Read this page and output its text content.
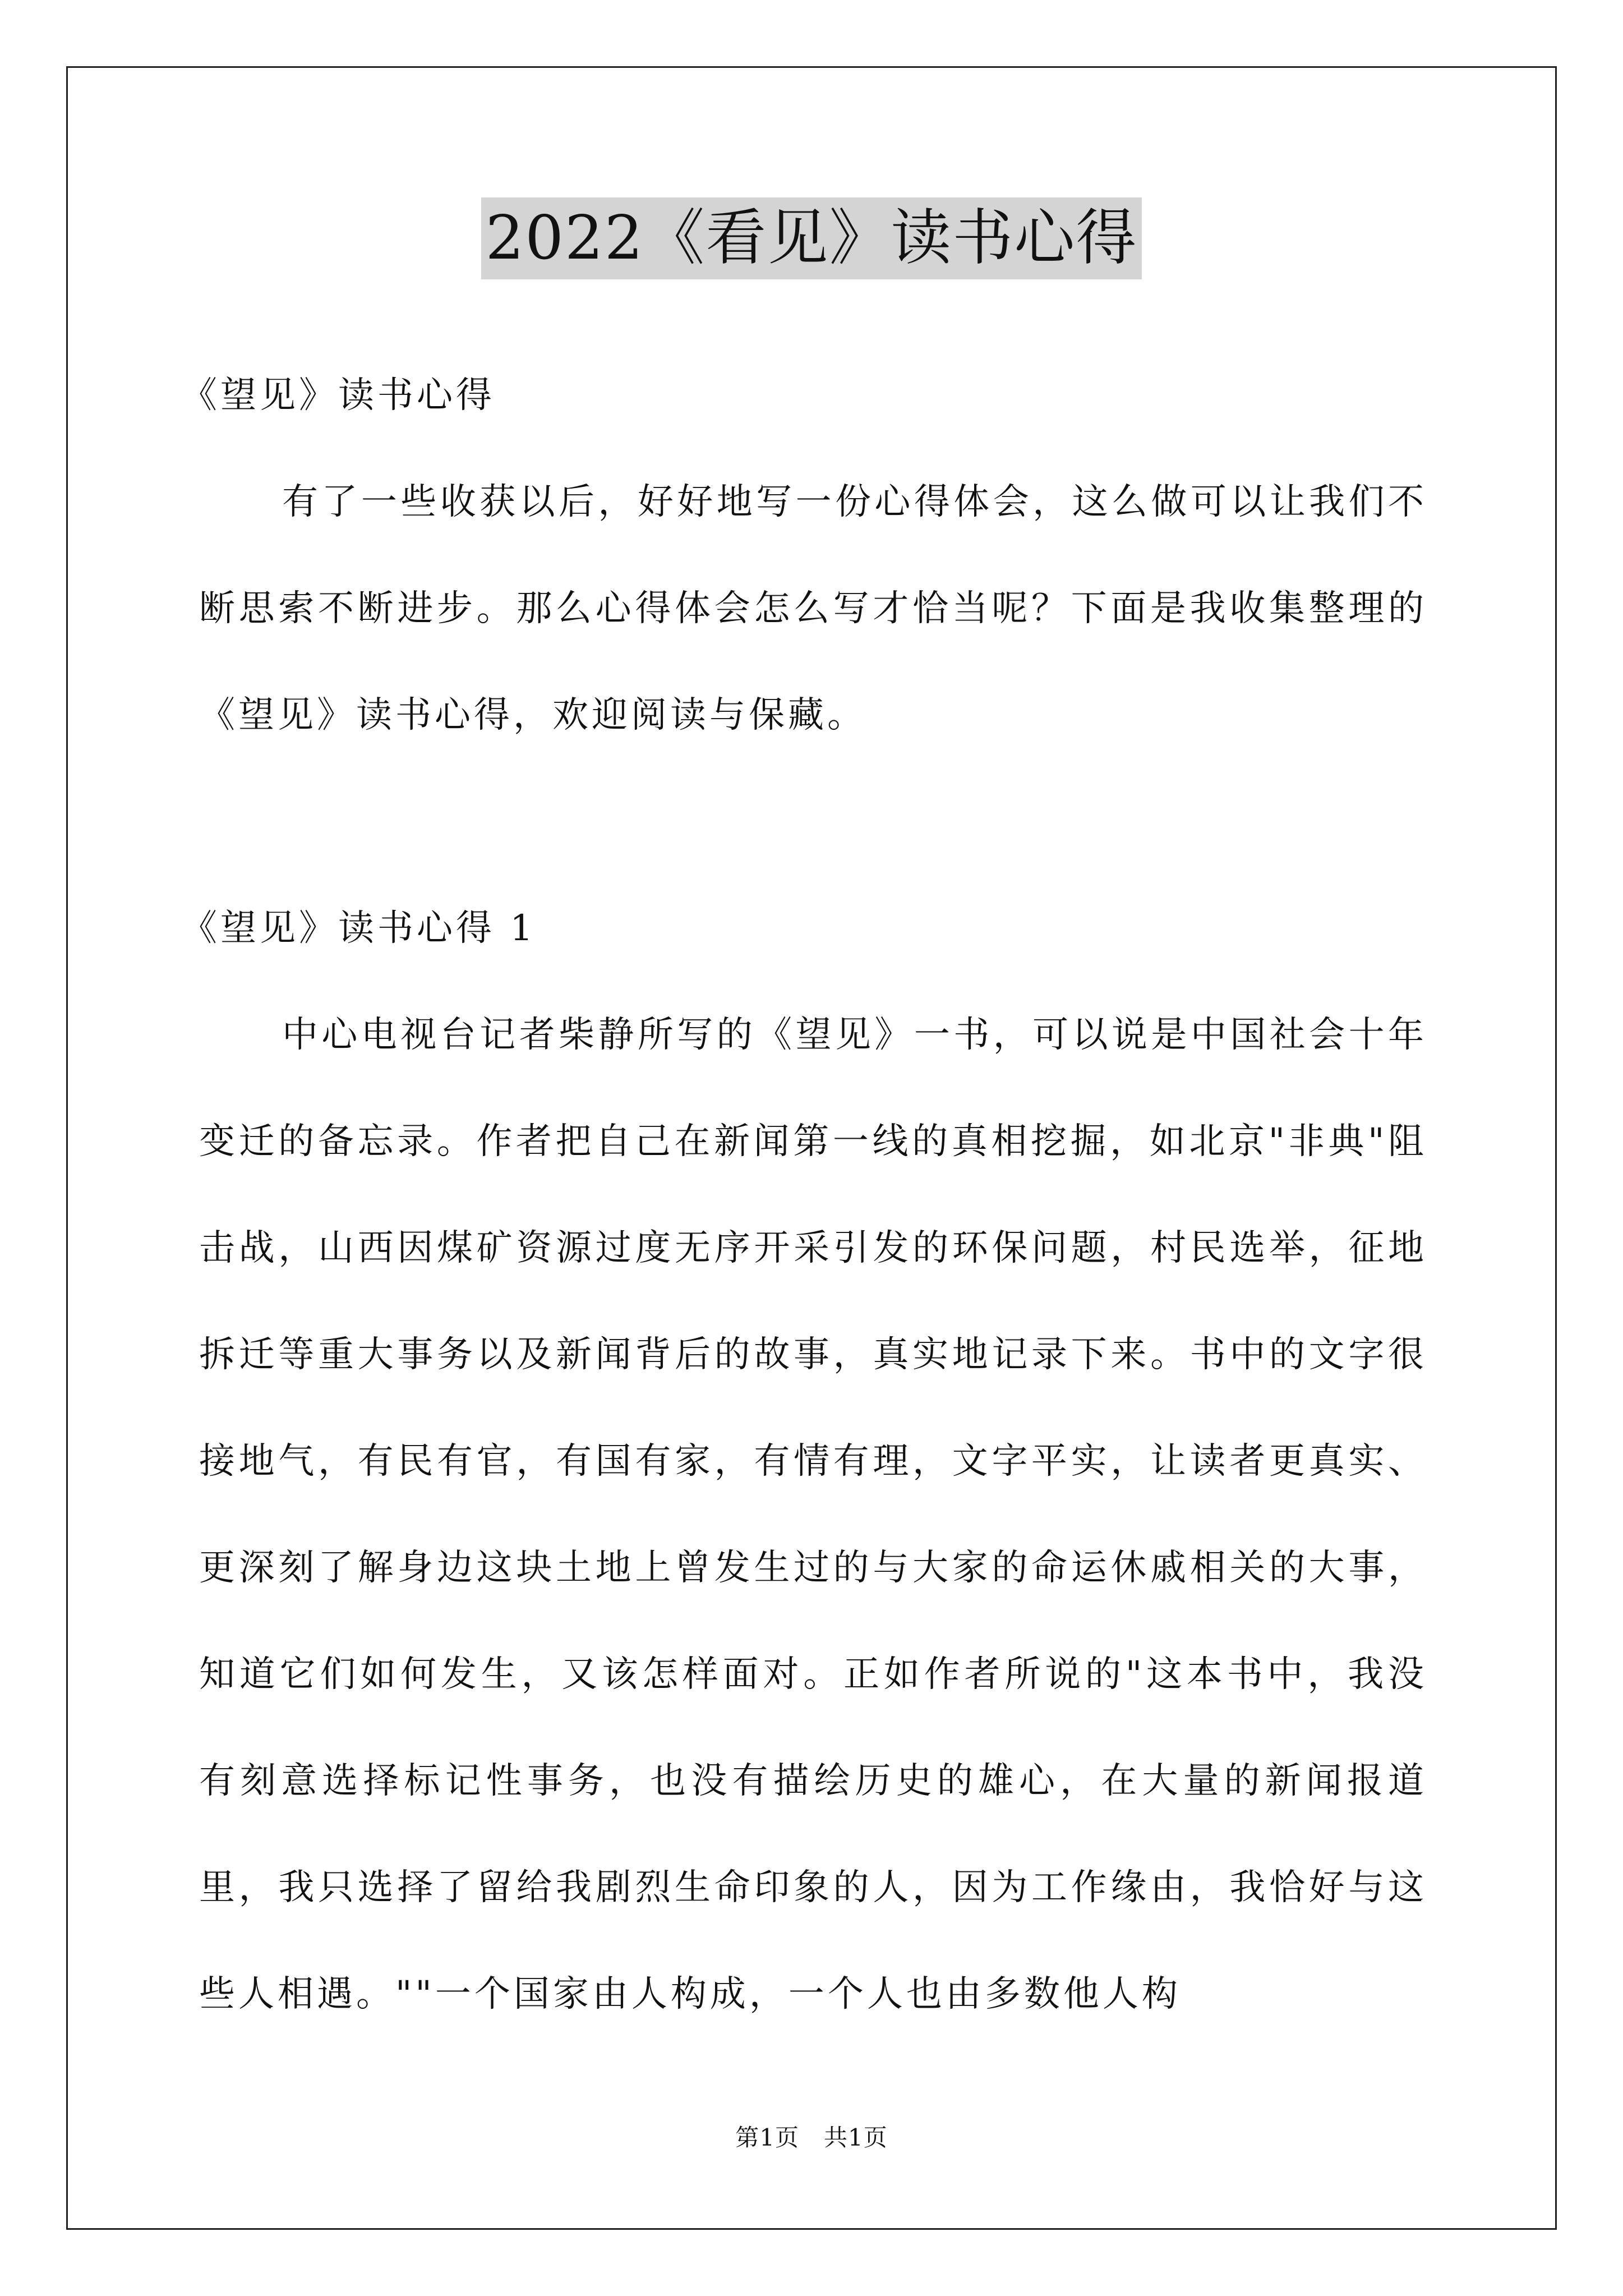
2022《看见》读书心得

《望见》读书心得

有了一些收获以后，好好地写一份心得体会，这么做可以让我们不断思索不断进步。那么心得体会怎么写才恰当呢？下面是我收集整理的《望见》读书心得，欢迎阅读与保藏。

《望见》读书心得 1

中心电视台记者柴静所写的《望见》一书，可以说是中国社会十年变迁的备忘录。作者把自己在新闻第一线的真相挖掘，如北京"非典"阻击战，山西因煤矿资源过度无序开采引发的环保问题，村民选举，征地拆迁等重大事务以及新闻背后的故事，真实地记录下来。书中的文字很接地气，有民有官，有国有家，有情有理，文字平实，让读者更真实、更深刻了解身边这块土地上曾发生过的与大家的命运休戚相关的大事，知道它们如何发生，又该怎样面对。正如作者所说的"这本书中，我没有刻意选择标记性事务，也没有描绘历史的雄心，在大量的新闻报道里，我只选择了留给我剧烈生命印象的人，因为工作缘由，我恰好与这些人相遇。""一个国家由人构成，一个人也由多数他人构

第1页 共1页
